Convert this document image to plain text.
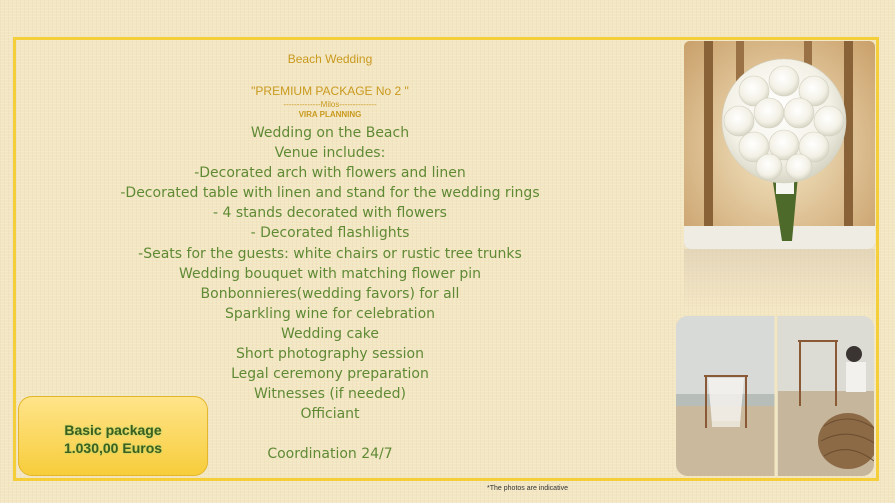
Beach Wedding
"PREMIUM PACKAGE No 2 "
--------------Milos--------------
VIRA PLANNING
Wedding on the Beach
Venue includes:
-Decorated arch with flowers and linen
-Decorated table with linen and stand for the wedding rings
- 4 stands decorated with flowers
- Decorated flashlights
-Seats for the guests: white chairs or rustic tree trunks
Wedding bouquet with matching flower pin
Bonbonnieres(wedding favors) for all
Sparkling wine for celebration
Wedding cake
Short photography session
Legal ceremony preparation
Witnesses (if needed)
Officiant
Coordination 24/7
Basic package
1.030,00 Euros
*The photos are indicative
